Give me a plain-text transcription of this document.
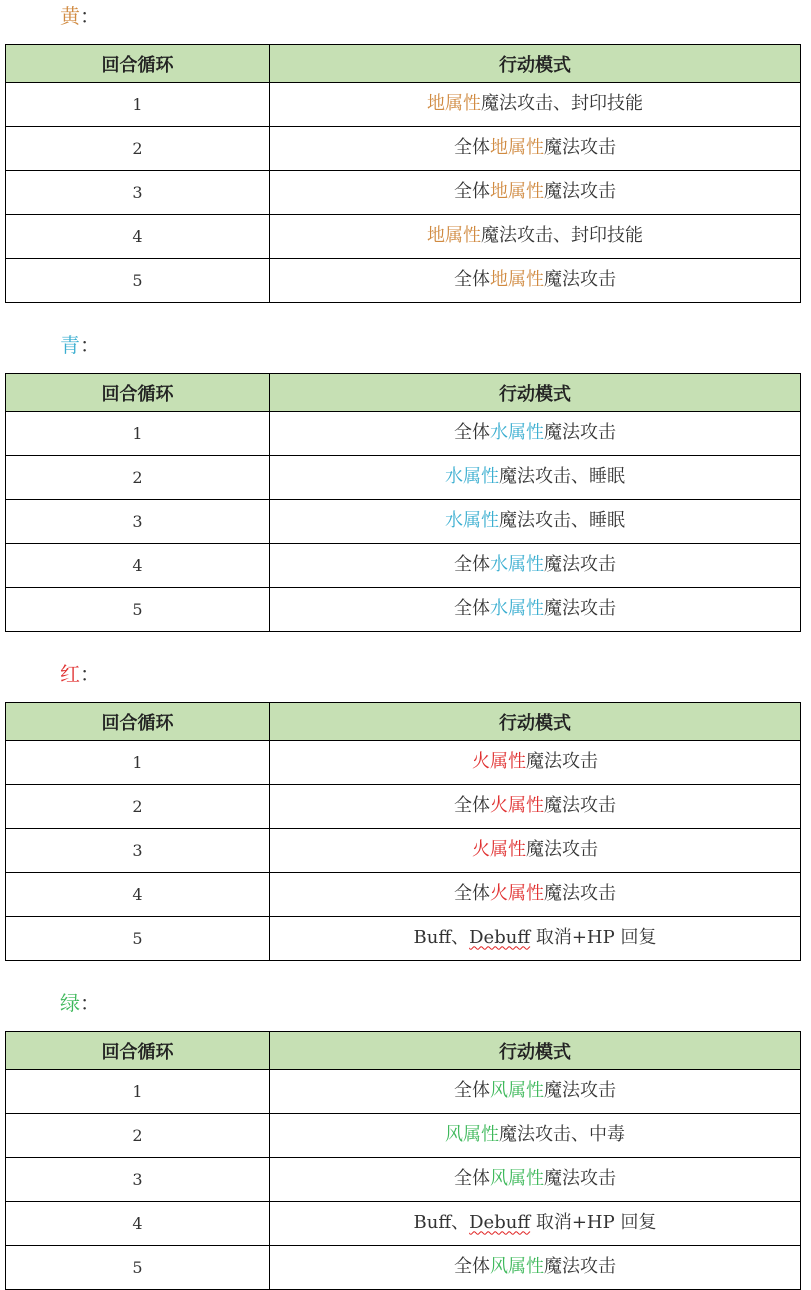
黄：
回合循环	行动模式
1	地属性魔法攻击、封印技能
2	全体地属性魔法攻击
3	全体地属性魔法攻击
4	地属性魔法攻击、封印技能
5	全体地属性魔法攻击
青：
回合循环	行动模式
1	全体水属性魔法攻击
2	水属性魔法攻击、睡眠
3	水属性魔法攻击、睡眠
4	全体水属性魔法攻击
5	全体水属性魔法攻击
红：
回合循环	行动模式
1	火属性魔法攻击
2	全体火属性魔法攻击
3	火属性魔法攻击
4	全体火属性魔法攻击
5	Buff、Debuff 取消+HP 回复
绿：
回合循环	行动模式
1	全体风属性魔法攻击
2	风属性魔法攻击、中毒
3	全体风属性魔法攻击
4	Buff、Debuff 取消+HP 回复
5	全体风属性魔法攻击
